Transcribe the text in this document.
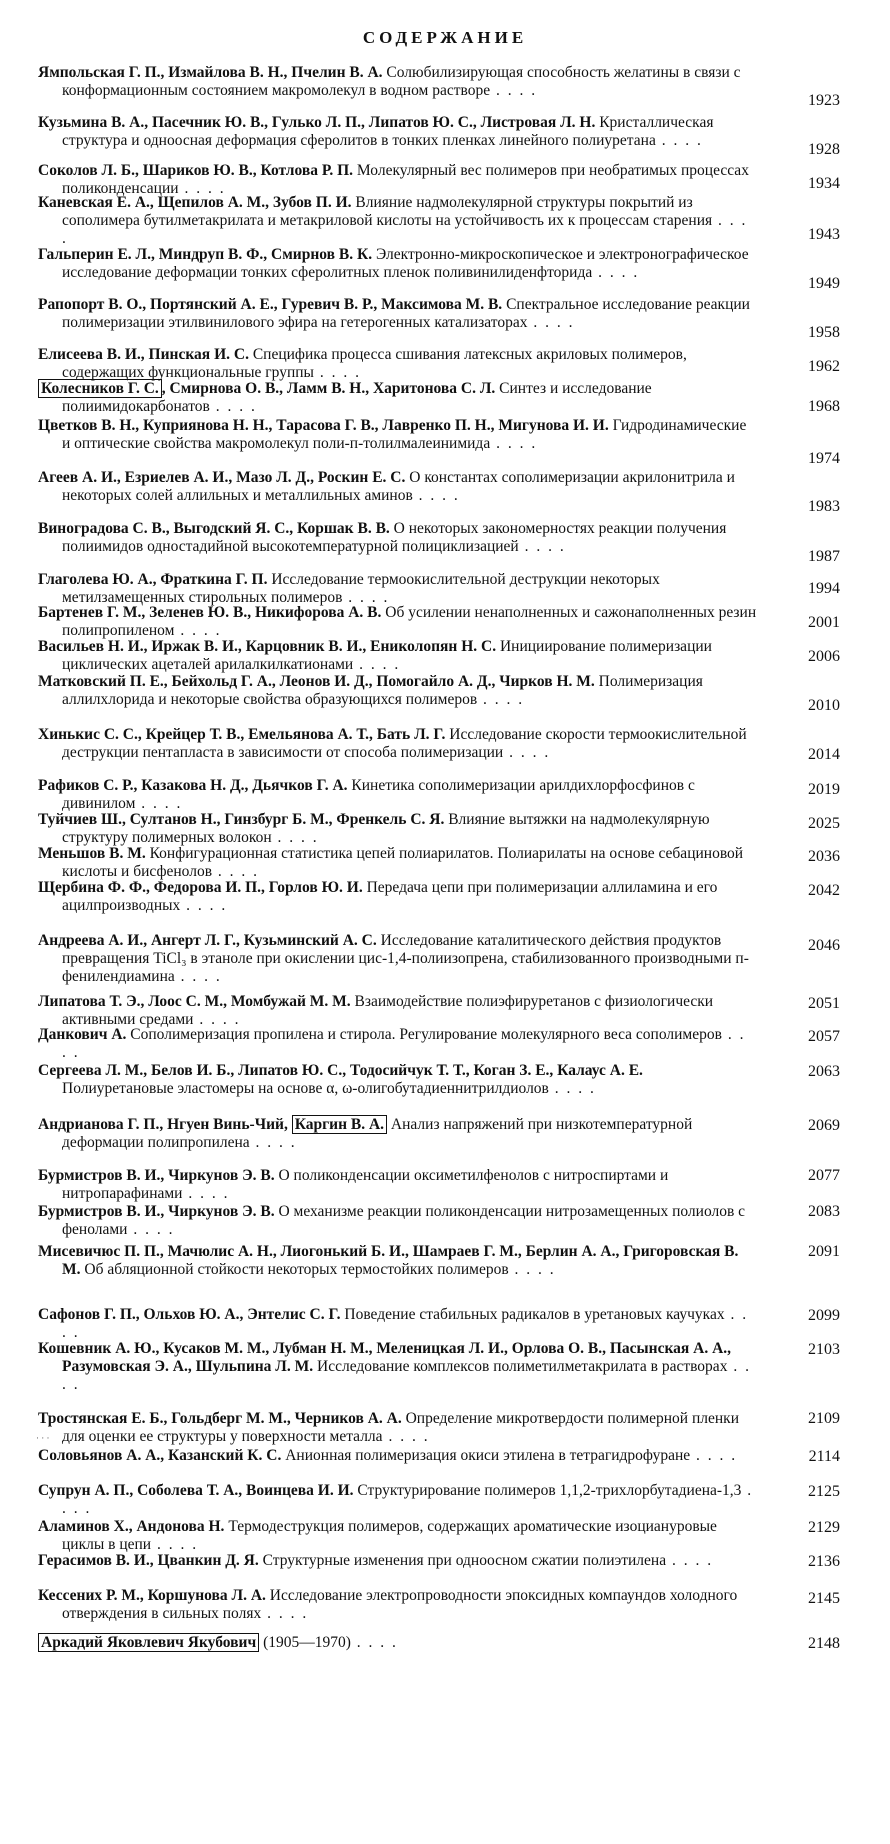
СОДЕРЖАНИЕ
Ямпольская Г. П., Измайлова В. Н., Пчелин В. А. Солюбилизирующая способность желатины в связи с конформационным состоянием макромолекул в водном растворе . . . .
1923
Кузьмина В. А., Пасечник Ю. В., Гулько Л. П., Липатов Ю. С., Листровая Л. Н. Кристаллическая структура и одноосная деформация сферолитов в тонких пленках линейного полиуретана . . . .
1928
Соколов Л. Б., Шариков Ю. В., Котлова Р. П. Молекулярный вес полимеров при необратимых процессах поликонденсации . . . .	1934
Каневская Е. А., Щепилов А. М., Зубов П. И. Влияние надмолекулярной структуры покрытий из сополимера бутилметакрилата и метакриловой кислоты на устойчивость их к процессам старения . . . .	1943
Гальперин Е. Л., Миндруп В. Ф., Смирнов В. К. Электронно-микроскопическое и электронографическое исследование деформации тонких сферолитных пленок поливинилиденфторида . . . .
1949
Рапопорт В. О., Портянский А. Е., Гуревич В. Р., Максимова М. В. Спектральное исследование реакции полимеризации этилвинилового эфира на гетерогенных катализаторах . . . .
1958
Елисеева В. И., Пинская И. С. Специфика процесса сшивания латексных акриловых полимеров, содержащих функциональные группы . . . .	1962
Колесников Г. С. , Смирнова О. В., Ламм В. Н., Харитонова С. Л. Синтез и исследование полиимидокарбонатов . . . .	1968
Цветков В. Н., Куприянова Н. Н., Тарасова Г. В., Лавренко П. Н., Мигунова И. И. Гидродинамические и оптические свойства макромолекул поли-п-толилмалеинимида . . . .
1974
Агеев А. И., Езриелев А. И., Мазо Л. Д., Роскин Е. С. О константах сополимеризации акрилонитрила и некоторых солей аллильных и металлильных аминов . . . .
1983
Виноградова С. В., Выгодский Я. С., Коршак В. В. О некоторых закономерностях реакции получения полиимидов одностадийной высокотемпературной полициклизацией . . . .
1987
Глаголева Ю. А., Фраткина Г. П. Исследование термоокислительной деструкции некоторых метилзамещенных стирольных полимеров . . . .
1994
Бартенев Г. М., Зеленев Ю. В., Никифорова А. В. Об усилении ненаполненных и сажонаполненных резин полипропиленом . . . .	2001
Васильев Н. И., Иржак В. И., Карцовник В. И., Ениколопян Н. С. Инициирование полимеризации циклических ацеталей арилалкилкатионами . . . .	2006
Матковский П. Е., Бейхольд Г. А., Леонов И. Д., Помогайло А. Д., Чирков Н. М. Полимеризация аллилхлорида и некоторые свойства образующихся полимеров . . . .	2010
Хинькис С. С., Крейцер Т. В., Емельянова А. Т., Бать Л. Г. Исследование скорости термоокислительной деструкции пентапласта в зависимости от способа полимеризации . . . .	2014
Рафиков С. Р., Казакова Н. Д., Дьячков Г. А. Кинетика сополимеризации арилдихлорфосфинов с дивинилом . . . .
2019
Туйчиев Ш., Султанов Н., Гинзбург Б. М., Френкель С. Я. Влияние вытяжки на надмолекулярную структуру полимерных волокон . . . .
2025
Меньшов В. М. Конфигурационная статистика цепей полиарилатов. Полиарилаты на основе себациновой кислоты и бисфенолов . . . .
2036
Щербина Ф. Ф., Федорова И. П., Горлов Ю. И. Передача цепи при полимеризации аллиламина и его ацилпроизводных . . . .
2042
Андреева А. И., Ангерт Л. Г., Кузьминский А. С. Исследование каталитического действия продуктов превращения TiCl₃ в этаноле при окислении цис-1,4-полиизопрена, стабилизованного производными п-фенилендиамина . . . .
2046
Липатова Т. Э., Лоос С. М., Момбужай М. М. Взаимодействие полиэфируретанов с физиологически активными средами . . . .
2051
Данкович А. Сополимеризация пропилена и стирола. Регулирование молекулярного веса сополимеров . . . .
2057
Сергеева Л. М., Белов И. Б., Липатов Ю. С., Тодосийчук Т. Т., Коган З. Е., Калаус А. Е. Полиуретановые эластомеры на основе α, ω-олигобутадиеннитрилдиолов . . . .
2063
Андрианова Г. П., Нгуен Винь-Чий, Каргин В. А. Анализ напряжений при низкотемпературной деформации полипропилена . . . .
2069
Бурмистров В. И., Чиркунов Э. В. О поликонденсации оксиметилфенолов с нитроспиртами и нитропарафинами . . . .
2077
Бурмистров В. И., Чиркунов Э. В. О механизме реакции поликонденсации нитрозамещенных полиолов с фенолами . . . .
2083
Мисевичюс П. П., Мачюлис А. Н., Лиогонький Б. И., Шамраев Г. М., Берлин А. А., Григоровская В. М. Об абляционной стойкости некоторых термостойких полимеров . . . .
2091
Сафонов Г. П., Ольхов Ю. А., Энтелис С. Г. Поведение стабильных радикалов в уретановых каучуках . . . .
2099
Кошевник А. Ю., Кусаков М. М., Лубман Н. М., Меленицкая Л. И., Орлова О. В., Пасынская А. А., Разумовская Э. А., Шульпина Л. М. Исследование комплексов полиметилметакрилата в растворах . . . .
2103
Тростянская Е. Б., Гольдберг М. М., Черников А. А. Определение микротвердости полимерной пленки для оценки ее структуры у поверхности металла . . . .
2109
Соловьянов А. А., Казанский К. С. Анионная полимеризация окиси этилена в тетрагидрофуране . . . .	2114
Супрун А. П., Соболева Т. А., Воинцева И. И. Структурирование полимеров 1,1,2-трихлорбутадиена-1,3 . . . .
2125
Аламинов Х., Андонова Н. Термодеструкция полимеров, содержащих ароматические изоциануровые циклы в цепи . . . .
2129
Герасимов В. И., Цванкин Д. Я. Структурные изменения при одноосном сжатии полиэтилена . . . .	2136
Кессених Р. М., Коршунова Л. А. Исследование электропроводности эпоксидных компаундов холодного отверждения в сильных полях . . . .
2145
Аркадий Яковлевич Якубович (1905—1970) . . . .	2148
· · ·
